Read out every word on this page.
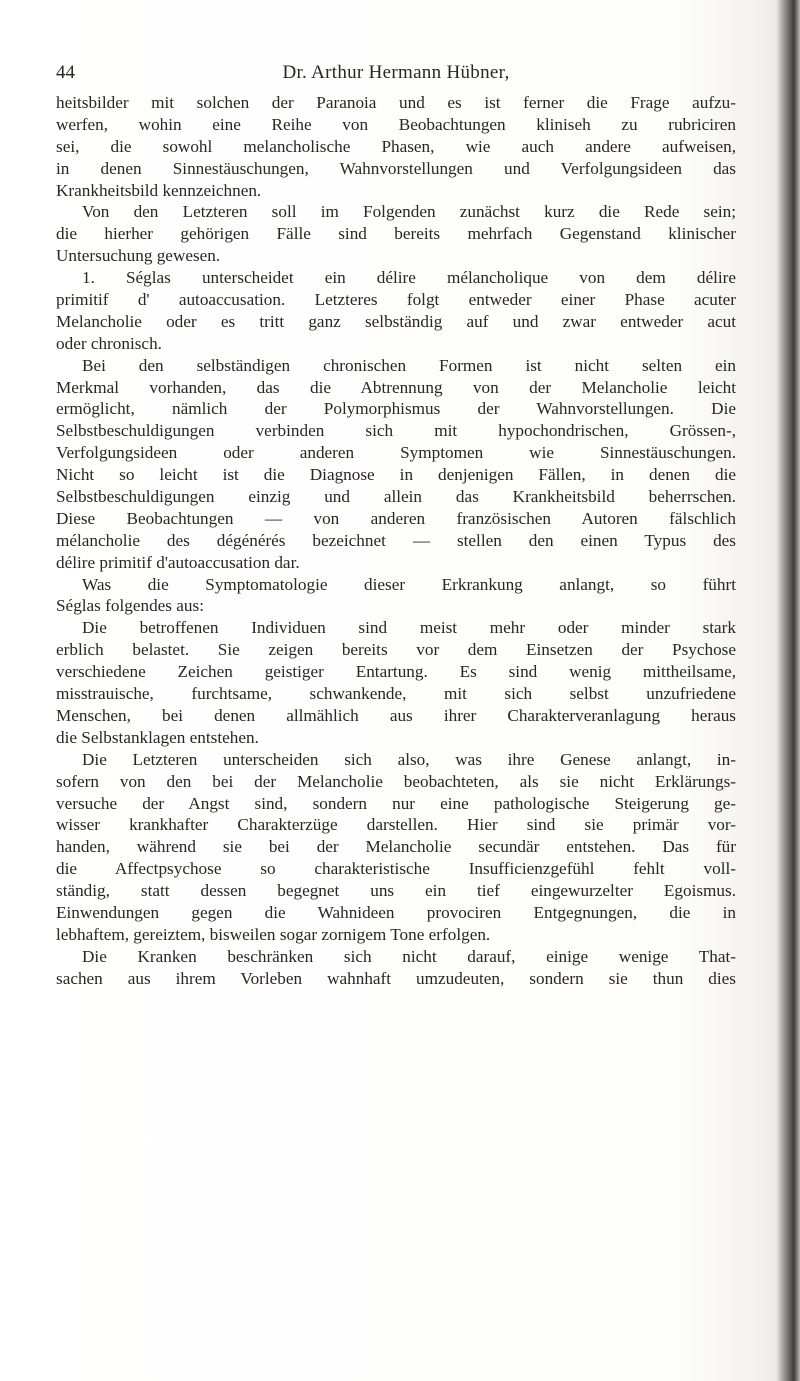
44	Dr. Arthur Hermann Hübner,
heitsbilder mit solchen der Paranoia und es ist ferner die Frage aufzu-
werfen, wohin eine Reihe von Beobachtungen kliniseh zu rubriciren
sei, die sowohl melancholische Phasen, wie auch andere aufweisen,
in denen Sinnestäuschungen, Wahnvorstellungen und Verfolgungsideen das
Krankheitsbild kennzeichnen.
Von den Letzteren soll im Folgenden zunächst kurz die Rede sein;
die hierher gehörigen Fälle sind bereits mehrfach Gegenstand klinischer
Untersuchung gewesen.
1. Séglas unterscheidet ein délire mélancholique von dem délire
primitif d' autoaccusation. Letzteres folgt entweder einer Phase acuter
Melancholie oder es tritt ganz selbständig auf und zwar entweder acut
oder chronisch.
Bei den selbständigen chronischen Formen ist nicht selten ein
Merkmal vorhanden, das die Abtrennung von der Melancholie leicht
ermöglicht, nämlich der Polymorphismus der Wahnvorstellungen. Die
Selbstbeschuldigungen verbinden sich mit hypochondrischen, Grössen-,
Verfolgungsideen oder anderen Symptomen wie Sinnestäuschungen.
Nicht so leicht ist die Diagnose in denjenigen Fällen, in denen die
Selbstbeschuldigungen einzig und allein das Krankheitsbild beherrschen.
Diese Beobachtungen — von anderen französischen Autoren fälschlich
mélancholie des dégénérés bezeichnet — stellen den einen Typus des
délire primitif d'autoaccusation dar.
Was die Symptomatologie dieser Erkrankung anlangt, so führt
Séglas folgendes aus:
Die betroffenen Individuen sind meist mehr oder minder stark
erblich belastet. Sie zeigen bereits vor dem Einsetzen der Psychose
verschiedene Zeichen geistiger Entartung. Es sind wenig mittheilsame,
misstrauische, furchtsame, schwankende, mit sich selbst unzufriedene
Menschen, bei denen allmählich aus ihrer Charakterveranlagung heraus
die Selbstanklagen entstehen.
Die Letzteren unterscheiden sich also, was ihre Genese anlangt, in-
sofern von den bei der Melancholie beobachteten, als sie nicht Erklärungs-
versuche der Angst sind, sondern nur eine pathologische Steigerung ge-
wisser krankhafter Charakterzüge darstellen. Hier sind sie primär vor-
handen, während sie bei der Melancholie secundär entstehen. Das für
die Affectpsychose so charakteristische Insufficienzgefühl fehlt voll-
ständig, statt dessen begegnet uns ein tief eingewurzelter Egoismus.
Einwendungen gegen die Wahnideen provociren Entgegnungen, die in
lebhaftem, gereiztem, bisweilen sogar zornigem Tone erfolgen.
Die Kranken beschränken sich nicht darauf, einige wenige That-
sachen aus ihrem Vorleben wahnhaft umzudeuten, sondern sie thun dies
